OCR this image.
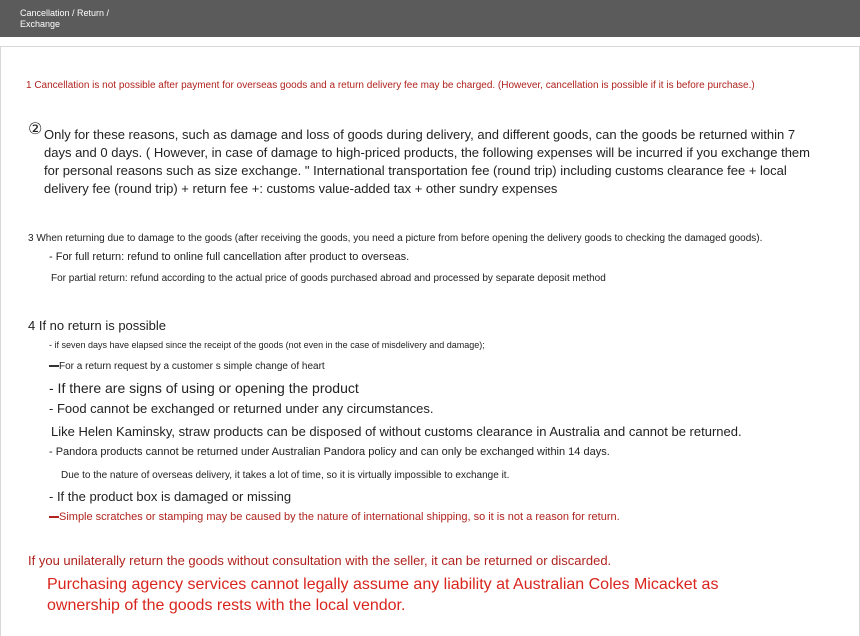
Cancellation / Return / Exchange
1 Cancellation is not possible after payment for overseas goods and a return delivery fee may be charged. (However, cancellation is possible if it is before purchase.)
② Only for these reasons, such as damage and loss of goods during delivery, and different goods, can the goods be returned within 7 days and 0 days. ( However, in case of damage to high-priced products, the following expenses will be incurred if you exchange them for personal reasons such as size exchange. " International transportation fee (round trip) including customs clearance fee + local delivery fee (round trip) + return fee +: customs value-added tax + other sundry expenses
3 When returning due to damage to the goods (after receiving the goods, you need a picture from before opening the delivery goods to checking the damaged goods).
- For full return: refund to online full cancellation after product to overseas.
For partial return: refund according to the actual price of goods purchased abroad and processed by separate deposit method
4 If no return is possible
- if seven days have elapsed since the receipt of the goods (not even in the case of misdelivery and damage);
For a return request by a customer s simple change of heart
- If there are signs of using or opening the product
- Food cannot be exchanged or returned under any circumstances.
Like Helen Kaminsky, straw products can be disposed of without customs clearance in Australia and cannot be returned.
- Pandora products cannot be returned under Australian Pandora policy and can only be exchanged within 14 days.
Due to the nature of overseas delivery, it takes a lot of time, so it is virtually impossible to exchange it.
- If the product box is damaged or missing
Simple scratches or stamping may be caused by the nature of international shipping, so it is not a reason for return.
If you unilaterally return the goods without consultation with the seller, it can be returned or discarded.
Purchasing agency services cannot legally assume any liability at Australian Coles Micacket as ownership of the goods rests with the local vendor.
